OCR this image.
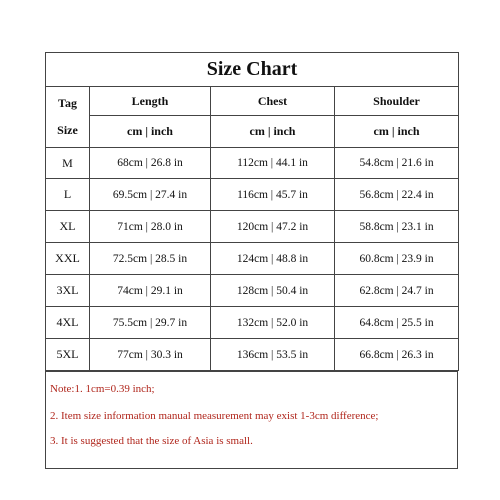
Size Chart			
Tag
Size	Length	Chest	Shoulder
	cm | inch	cm | inch	cm | inch
M	68cm | 26.8 in	112cm | 44.1 in	54.8cm | 21.6 in
L	69.5cm | 27.4 in	116cm | 45.7 in	56.8cm | 22.4 in
XL	71cm | 28.0 in	120cm | 47.2 in	58.8cm | 23.1 in
XXL	72.5cm | 28.5 in	124cm | 48.8 in	60.8cm | 23.9 in
3XL	74cm | 29.1 in	128cm | 50.4 in	62.8cm | 24.7 in
4XL	75.5cm | 29.7 in	132cm | 52.0 in	64.8cm | 25.5 in
5XL	77cm | 30.3 in	136cm | 53.5 in	66.8cm | 26.3 in
Note:1. 1cm=0.39 inch;
2. Item size information manual measurement may exist 1-3cm difference;
3. It is suggested that the size of Asia is small.
